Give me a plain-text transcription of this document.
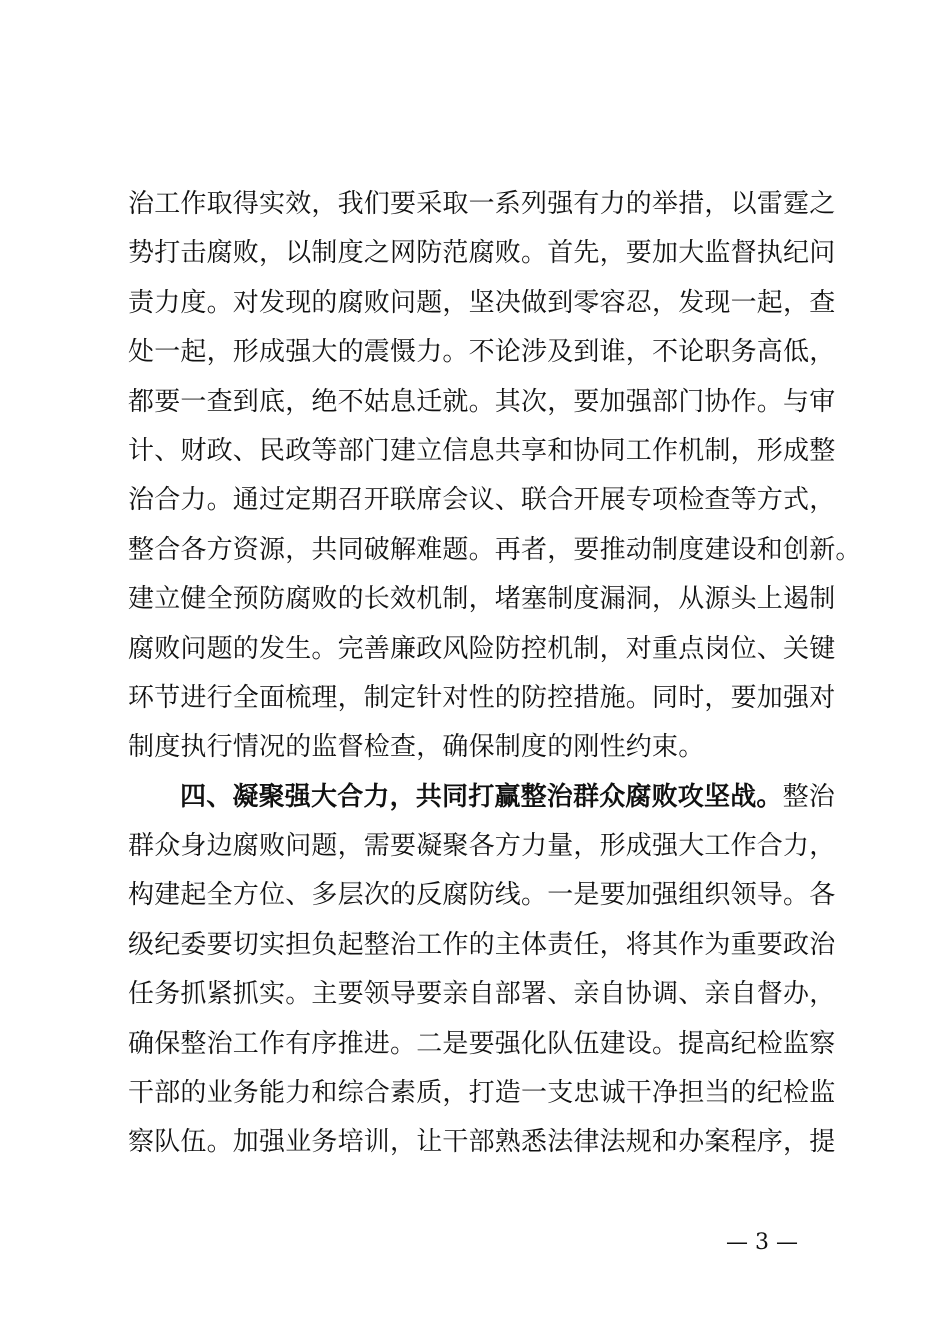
治工作取得实效，我们要采取一系列强有力的举措，以雷霆之
势打击腐败，以制度之网防范腐败。首先，要加大监督执纪问
责力度。对发现的腐败问题，坚决做到零容忍，发现一起，查
处一起，形成强大的震慑力。不论涉及到谁，不论职务高低，
都要一查到底，绝不姑息迁就。其次，要加强部门协作。与审
计、财政、民政等部门建立信息共享和协同工作机制，形成整
治合力。通过定期召开联席会议、联合开展专项检查等方式，
整合各方资源，共同破解难题。再者，要推动制度建设和创新。
建立健全预防腐败的长效机制，堵塞制度漏洞，从源头上遏制
腐败问题的发生。完善廉政风险防控机制，对重点岗位、关键
环节进行全面梳理，制定针对性的防控措施。同时，要加强对
制度执行情况的监督检查，确保制度的刚性约束。
四、凝聚强大合力，共同打赢整治群众腐败攻坚战。整治
群众身边腐败问题，需要凝聚各方力量，形成强大工作合力，
构建起全方位、多层次的反腐防线。一是要加强组织领导。各
级纪委要切实担负起整治工作的主体责任，将其作为重要政治
任务抓紧抓实。主要领导要亲自部署、亲自协调、亲自督办，
确保整治工作有序推进。二是要强化队伍建设。提高纪检监察
干部的业务能力和综合素质，打造一支忠诚干净担当的纪检监
察队伍。加强业务培训，让干部熟悉法律法规和办案程序，提
— 3 —
